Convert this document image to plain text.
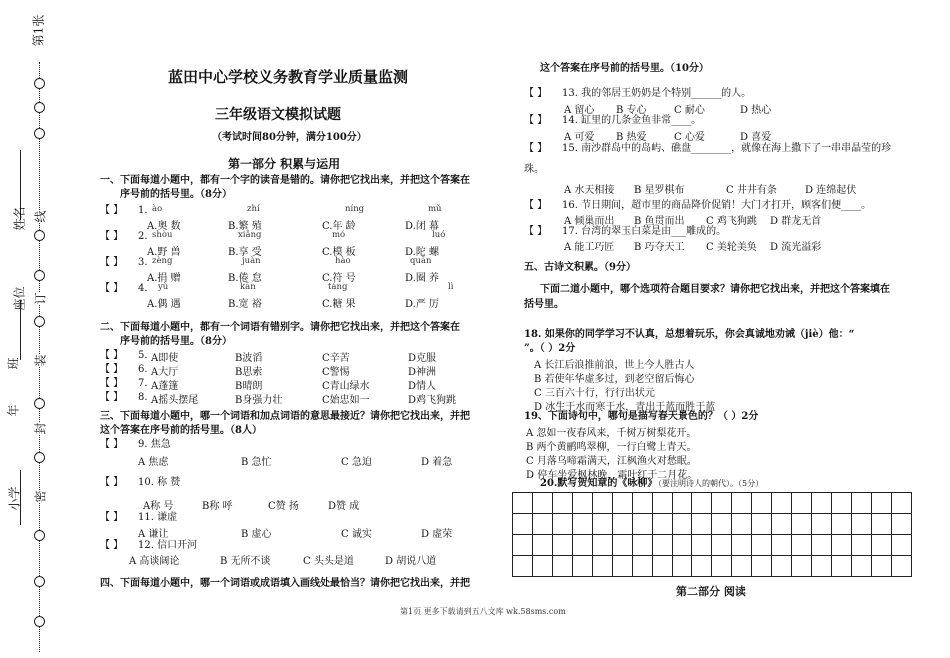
第1张
姓名 线
座位 订
班 装
年
封
小学 密
蓝田中心学校义务教育学业质量监测
三年级语文模拟试题
（考试时间80分钟，满分100分）
第一部分 积累与运用
一、下面每道小题中，都有一个字的读音是错的。请你把它找出来，并把这个答案在
序号前的括号里。（8分）
【 】 1. ào	zhí	níng	mǔ
A.奥 数	B.繁 殖	C.年 龄	D.闭 幕
【 】 2. shòu	xiǎng	mó	luó
A.野 兽	B.享 受	C.模 板	D.陀 螺
【 】 3. zèng	juàn	hào	quān
A.捐 赠	B.倦 怠	C.符 号	D.圈 养
【 】 4. yù	kān	táng	lì
A.偶 遇	B.宽 裕	C.糖 果	D.严 厉
二、下面每道小题中，都有一个词语有错别字。请你把它找出来，并把这个答案在
序号前的括号里。（8分）
【 】 5. A即使	B波滔	C辛苦	D克服
【 】 6. A大厅	B思索	C警惕	D神洲
【 】 7. A蓬篷	B晴朗	C青山绿水	D情人
【 】 8. A摇头摆尾	B身强力壮	C始忠如一	D鸡飞狗跳
三、下面每道小题中，哪一个词语和加点词语的意思最接近？请你把它找出来，并把
这个答案在序号前的括号里。（8人）
【 】 9. 焦急
A 焦虑	B 急忙	C 急迫	D 着急
【 】 10. 称 赞
A称 号	B称 呼	C赞 扬	D赞 成
【 】 11. 谦虚
A 谦让	B 虚心	C 诚实	D 虚荣
【 】 12. 信口开河
A 高谈阔论	B 无所不谈	C 头头是道	D 胡说八道
四、下面每道小题中，哪一个词语或成语填入画线处最恰当？请你把它找出来，并把
这个答案在序号前的括号里。（10分）
【 】 13. 我的邻居王奶奶是个特别______的人。
A 留心 B 专心	C 耐心	D 热心
【 】 14. 缸里的几条金鱼非常____。
A 可爱 B 热爱	C 心爱	D 喜爱
【 】 15. 南沙群岛中的岛屿、礁盘________，就像在海上撒下了一串串晶莹的珍
珠。
A 水天相接 B 星罗棋布	C 井井有条	D 连绵起伏
【 】 16. 节日期间，超市里的商品降价促销！大门才打开，顾客们便____。
A 倾巢而出 B 鱼贯而出 C 鸡飞狗跳 D 群龙无首
【 】 17. 台湾的翠玉白菜是由___雕成的。
A 能工巧匠 B 巧夺天工 C 美轮美奂 D 流光溢彩
五、古诗文积累。（9分）
下面二道小题中，哪个选项符合题目要求？请你把它找出来，并把这个答案填在
括号里。
18. 如果你的同学学习不认真，总想着玩乐，你会真诚地劝诫（jiè）他：“
”。（ ）2分
A 长江后浪推前浪，世上今人胜古人
B 若使年华虚多过，到老空留后悔心
C 三百六十行，行行出状元
D 冰生于水而寒于水，青出于蓝而胜于蓝
19、下面诗句中，哪句是描写春天景色的？（ ）2分
A 忽如一夜春风来，千树万树梨花开。
B 两个黄鹂鸣翠柳，一行白鹭上青天。
C 月落乌啼霜满天，江枫渔火对愁眠。
D 停车坐爱枫林晚，霜叶红于二月花。
20.默写贺知章的《咏柳》
（要注明诗人的朝代）。（5分）

第二部分 阅读
第1页 更多下载请到五八文库 wk.58sms.com
